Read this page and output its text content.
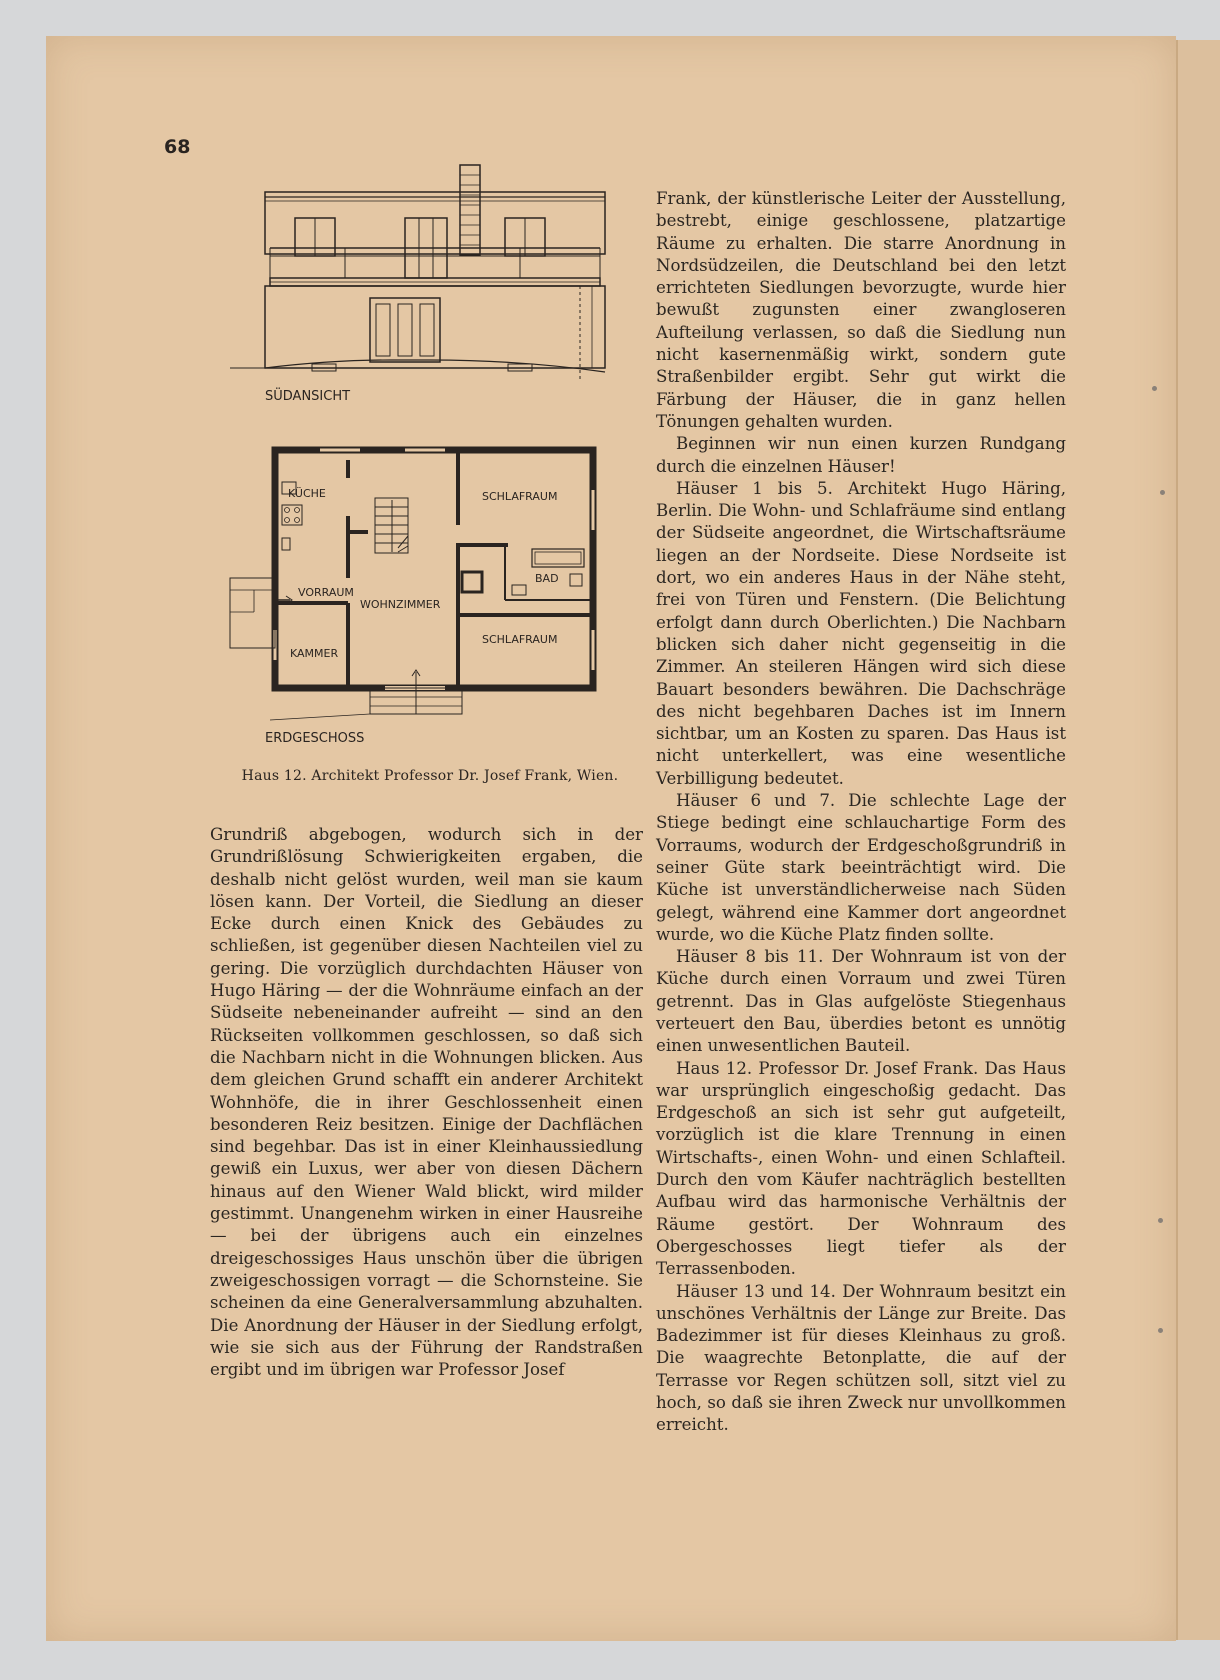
68
SÜDANSICHT
KÜCHE	SCHLAFRAUM
BAD
VORRAUM
WOHNZIMMER
SCHLAFRAUM
KAMMER
ERDGESCHOSS
Haus 12. Architekt Professor Dr. Josef Frank, Wien.

Grundriß abgebogen, wodurch sich in der Grundrißlösung Schwierigkeiten ergaben, die deshalb nicht gelöst wurden, weil man sie kaum lösen kann. Der Vorteil, die Siedlung an dieser Ecke durch einen Knick des Gebäudes zu schließen, ist gegenüber diesen Nachteilen viel zu gering. Die vorzüglich durchdachten Häuser von Hugo Häring — der die Wohnräume einfach an der Südseite nebeneinander aufreiht — sind an den Rückseiten vollkommen geschlossen, so daß sich die Nachbarn nicht in die Wohnungen blicken. Aus dem gleichen Grund schafft ein anderer Architekt Wohnhöfe, die in ihrer Geschlossenheit einen besonderen Reiz besitzen. Einige der Dachflächen sind begehbar. Das ist in einer Kleinhaussiedlung gewiß ein Luxus, wer aber von diesen Dächern hinaus auf den Wiener Wald blickt, wird milder gestimmt. Unangenehm wirken in einer Hausreihe — bei der übrigens auch ein einzelnes dreigeschossiges Haus unschön über die übrigen zweigeschossigen vorragt — die Schornsteine. Sie scheinen da eine Generalversammlung abzuhalten. Die Anordnung der Häuser in der Siedlung erfolgt, wie sie sich aus der Führung der Randstraßen ergibt und im übrigen war Professor Josef

Frank, der künstlerische Leiter der Ausstellung, bestrebt, einige geschlossene, platzartige Räume zu erhalten. Die starre Anordnung in Nordsüdzeilen, die Deutschland bei den letzt errichteten Siedlungen bevorzugte, wurde hier bewußt zugunsten einer zwangloseren Aufteilung verlassen, so daß die Siedlung nun nicht kasernenmäßig wirkt, sondern gute Straßenbilder ergibt. Sehr gut wirkt die Färbung der Häuser, die in ganz hellen Tönungen gehalten wurden.

Beginnen wir nun einen kurzen Rundgang durch die einzelnen Häuser!

Häuser 1 bis 5. Architekt Hugo Häring, Berlin. Die Wohn- und Schlafräume sind entlang der Südseite angeordnet, die Wirtschaftsräume liegen an der Nordseite. Diese Nordseite ist dort, wo ein anderes Haus in der Nähe steht, frei von Türen und Fenstern. (Die Belichtung erfolgt dann durch Oberlichten.) Die Nachbarn blicken sich daher nicht gegenseitig in die Zimmer. An steileren Hängen wird sich diese Bauart besonders bewähren. Die Dachschräge des nicht begehbaren Daches ist im Innern sichtbar, um an Kosten zu sparen. Das Haus ist nicht unterkellert, was eine wesentliche Verbilligung bedeutet.

Häuser 6 und 7. Die schlechte Lage der Stiege bedingt eine schlauchartige Form des Vorraums, wodurch der Erdgeschoßgrundriß in seiner Güte stark beeinträchtigt wird. Die Küche ist unverständlicherweise nach Süden gelegt, während eine Kammer dort angeordnet wurde, wo die Küche Platz finden sollte.

Häuser 8 bis 11. Der Wohnraum ist von der Küche durch einen Vorraum und zwei Türen getrennt. Das in Glas aufgelöste Stiegenhaus verteuert den Bau, überdies betont es unnötig einen unwesentlichen Bauteil.

Haus 12. Professor Dr. Josef Frank. Das Haus war ursprünglich eingeschoßig gedacht. Das Erdgeschoß an sich ist sehr gut aufgeteilt, vorzüglich ist die klare Trennung in einen Wirtschafts-, einen Wohn- und einen Schlafteil. Durch den vom Käufer nachträglich bestellten Aufbau wird das harmonische Verhältnis der Räume gestört. Der Wohnraum des Obergeschosses liegt tiefer als der Terrassenboden.

Häuser 13 und 14. Der Wohnraum besitzt ein unschönes Verhältnis der Länge zur Breite. Das Badezimmer ist für dieses Kleinhaus zu groß. Die waagrechte Betonplatte, die auf der Terrasse vor Regen schützen soll, sitzt viel zu hoch, so daß sie ihren Zweck nur unvollkommen erreicht.
